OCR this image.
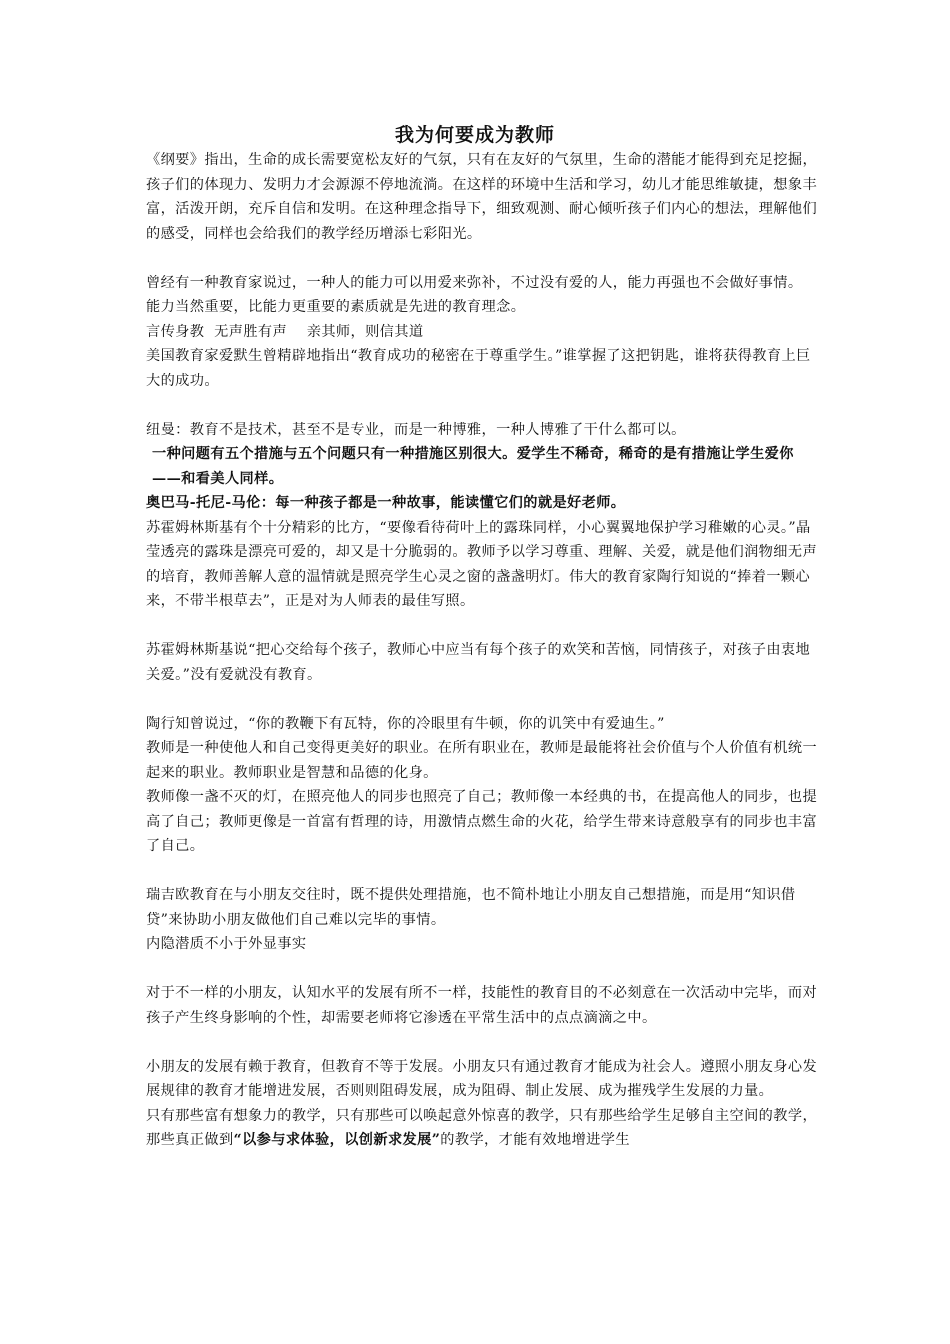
我为何要成为教师

《纲要》指出，生命的成长需要宽松友好的气氛，只有在友好的气氛里，生命的潜能才能得到充足挖掘，孩子们的体现力、发明力才会源源不停地流淌。在这样的环境中生活和学习，幼儿才能思维敏捷，想象丰富，活泼开朗，充斥自信和发明。在这种理念指导下，细致观测、耐心倾听孩子们内心的想法，理解他们的感受，同样也会给我们的教学经历增添七彩阳光。

曾经有一种教育家说过，一种人的能力可以用爱来弥补，不过没有爱的人，能力再强也不会做好事情。

能力当然重要，比能力更重要的素质就是先进的教育理念。

言传身教  无声胜有声    亲其师，则信其道

美国教育家爱默生曾精辟地指出“教育成功的秘密在于尊重学生。”谁掌握了这把钥匙，谁将获得教育上巨大的成功。

纽曼：教育不是技术，甚至不是专业，而是一种博雅，一种人博雅了干什么都可以。

一种问题有五个措施与五个问题只有一种措施区别很大。爱学生不稀奇，稀奇的是有措施让学生爱你——和看美人同样。

奥巴马-托尼-马伦：每一种孩子都是一种故事，能读懂它们的就是好老师。

苏霍姆林斯基有个十分精彩的比方，“要像看待荷叶上的露珠同样，小心翼翼地保护学习稚嫩的心灵。”晶莹透亮的露珠是漂亮可爱的，却又是十分脆弱的。教师予以学习尊重、理解、关爱，就是他们润物细无声的培育，教师善解人意的温情就是照亮学生心灵之窗的盏盏明灯。伟大的教育家陶行知说的“捧着一颗心来，不带半根草去”，正是对为人师表的最佳写照。

苏霍姆林斯基说“把心交给每个孩子，教师心中应当有每个孩子的欢笑和苦恼，同情孩子，对孩子由衷地关爱。”没有爱就没有教育。

陶行知曾说过，“你的教鞭下有瓦特，你的冷眼里有牛顿，你的讥笑中有爱迪生。”

教师是一种使他人和自己变得更美好的职业。在所有职业在，教师是最能将社会价值与个人价值有机统一起来的职业。教师职业是智慧和品德的化身。

教师像一盏不灭的灯，在照亮他人的同步也照亮了自己；教师像一本经典的书，在提高他人的同步，也提高了自己；教师更像是一首富有哲理的诗，用激情点燃生命的火花，给学生带来诗意般享有的同步也丰富了自己。

瑞吉欧教育在与小朋友交往时，既不提供处理措施，也不简朴地让小朋友自己想措施，而是用“知识借贷”来协助小朋友做他们自己难以完毕的事情。

内隐潜质不小于外显事实

对于不一样的小朋友，认知水平的发展有所不一样，技能性的教育目的不必刻意在一次活动中完毕，而对孩子产生终身影响的个性，却需要老师将它渗透在平常生活中的点点滴滴之中。

小朋友的发展有赖于教育，但教育不等于发展。小朋友只有通过教育才能成为社会人。遵照小朋友身心发展规律的教育才能增进发展，否则则阻碍发展，成为阻碍、制止发展、成为摧残学生发展的力量。

只有那些富有想象力的教学，只有那些可以唤起意外惊喜的教学，只有那些给学生足够自主空间的教学，那些真正做到“以参与求体验，以创新求发展”的教学，才能有效地增进学生
